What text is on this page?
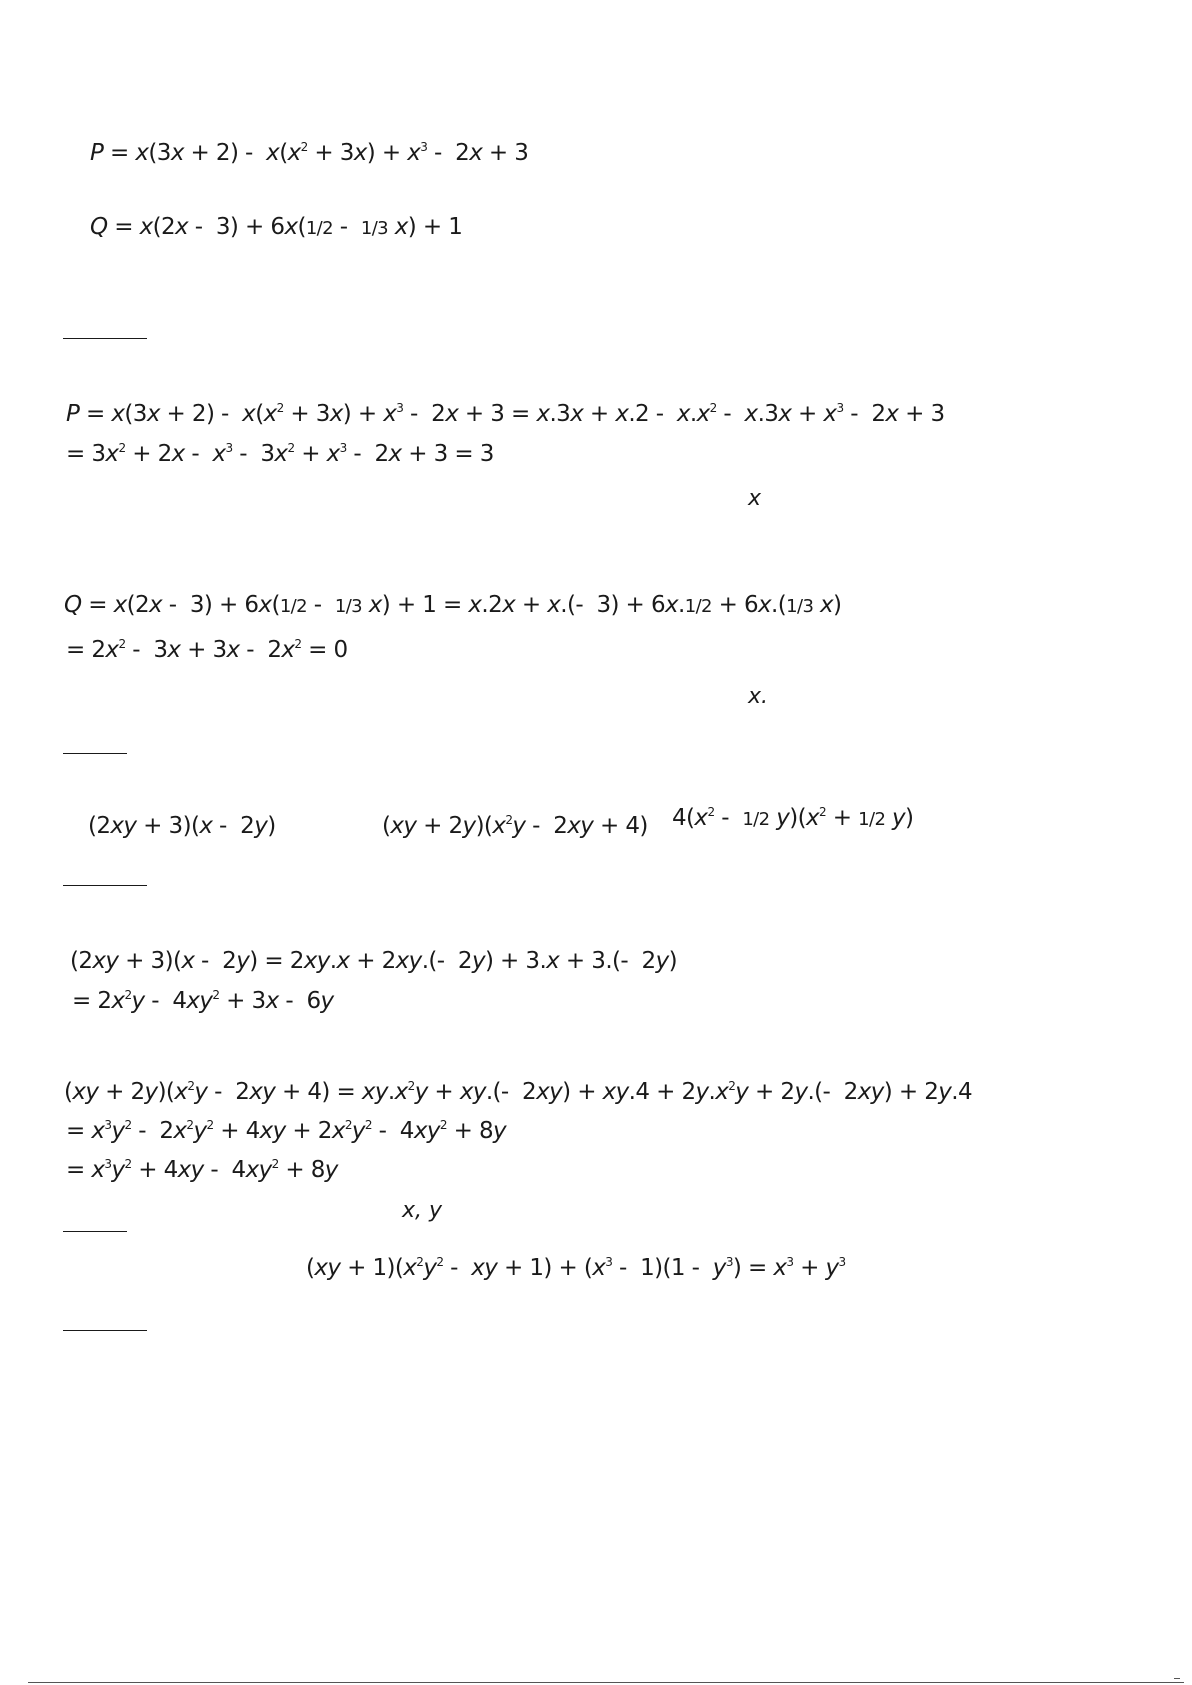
$P = x(3x + 2) - x(x^2 + 3x) + x^3 - 2x + 3$
Q = x(2x -  3) + 6x(1/2 -  1/3 x) + 1
$P = x(3x + 2) - x(x^2 + 3x) + x^3 - 2x + 3 = x.3x + x.2 - x.x^2 - x.3x + x^3 - 2x + 3$
= $3x^2 + 2x - x^3 - 3x^2 + x^3 - 2x + 3 = 3$
x
Q = x(2x -  3) + 6x(1/2 -  1/3 x) + 1 = x.2x + x.(-  3) + 6x.1/2 + 6x.(1/3 x)
= $2x^2 - 3x + 3x - 2x^2 = 0$
x.
(2xy + 3)(x -  2y)	$(xy + 2y)(x^2y - 2xy + 4)$ $4(x^2 - 1/2$ $y)(x^2 + 1/2$ y)
(2xy + 3)(x -  2y) = 2xy.x + 2xy.(-  2y) + 3.x + 3.(-  2y)
= $2x^2y - 4xy^2 + 3x - 6y$
$(xy + 2y)(x^2y - 2xy + 4) = xy.x^2y + xy.(-$  $2xy) + xy.4 + 2y.x^2y + 2y.(-$  2xy) + 2y.4
= $x^3y^2 - 2x^2y^2 + 4xy + 2x^2y^2 - 4xy^2 + 8y$
= $x^3y^2 + 4xy - 4xy^2 + 8y$
x, y
$(xy + 1)(x^2y^2$ -  xy + $1) + (x^3 - 1)(1 - y^3) = x^3 + y^3$
